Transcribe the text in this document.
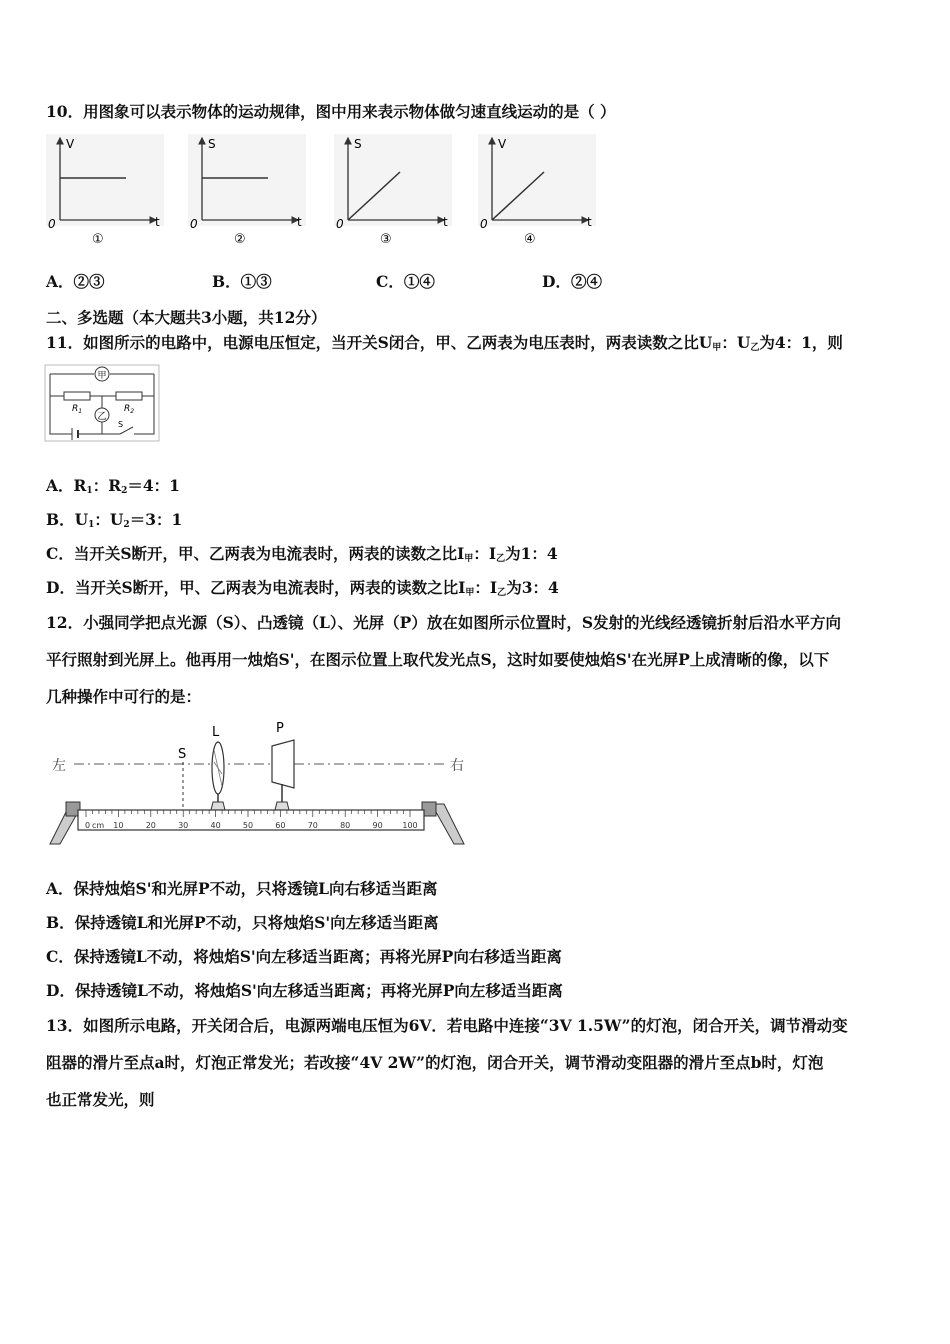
10．用图象可以表示物体的运动规律，图中用来表示物体做匀速直线运动的是（ ）
V
t
0
①
S
t
0
②
S
t
0
③
V
t
0
④
A．②③	B．①③	C．①④	D．②④
二、多选题（本大题共3小题，共12分）
11．如图所示的电路中，电源电压恒定，当开关S闭合，甲、乙两表为电压表时，两表读数之比$U_甲$：$U_乙$为4：1，则
甲
$R_1$	$R_2$
乙
S
A．$R_1$：$R_2=4$：1
B．$U_1$：$U_2=3$：1
C．当开关S断开，甲、乙两表为电流表时，两表的读数之比$I_甲$：$I_乙$为1：4
D．当开关S断开，甲、乙两表为电流表时，两表的读数之比$I_甲$：$I_乙$为3：4
12．小强同学把点光源（S）、凸透镜（L）、光屏（P）放在如图所示位置时，S发射的光线经透镜折射后沿水平方向
平行照射到光屏上。他再用一烛焰S'，在图示位置上取代发光点S，这时如要使烛焰S'在光屏P上成清晰的像，以下
几种操作中可行的是：
左	右
S
L	P
0	10	20	30	40	50	60	70	80	90 100
cm
A．保持烛焰S'和光屏P不动，只将透镜L向右移适当距离
B．保持透镜L和光屏P不动，只将烛焰S'向左移适当距离
C．保持透镜L不动，将烛焰S'向左移适当距离；再将光屏P向右移适当距离
D．保持透镜L不动，将烛焰S'向左移适当距离；再将光屏P向左移适当距离
13．如图所示电路，开关闭合后，电源两端电压恒为6V．若电路中连接“3V 1.5W”的灯泡，闭合开关，调节滑动变
阻器的滑片至点a时，灯泡正常发光；若改接“4V 2W”的灯泡，闭合开关，调节滑动变阻器的滑片至点b时，灯泡
也正常发光，则
